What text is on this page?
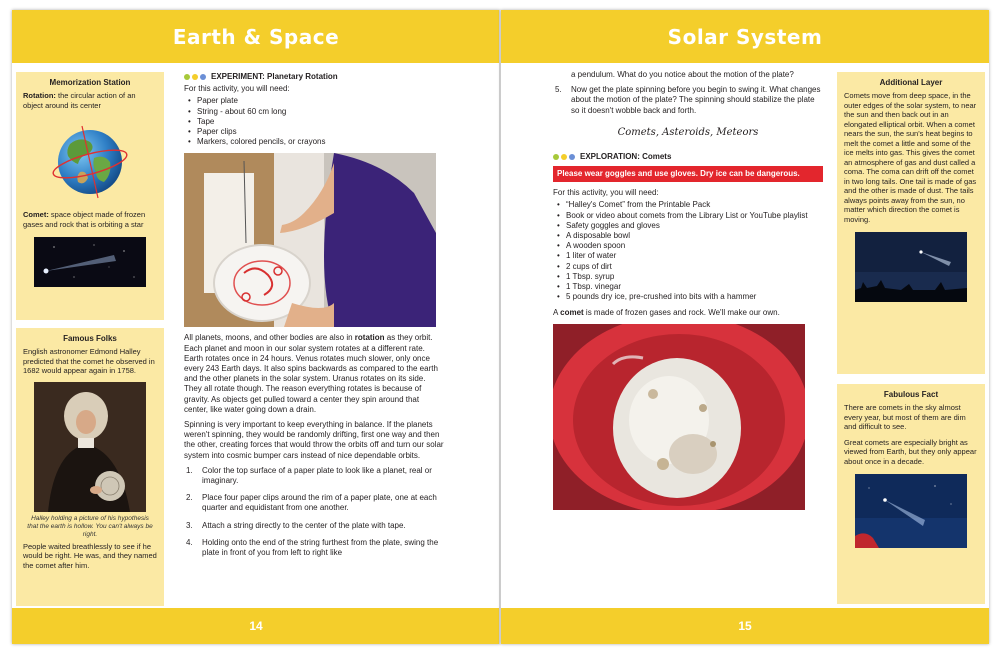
Earth & Space
Memorization Station
Rotation: the circular action of an object around its center
Comet: space object made of frozen gases and rock that is orbiting a star
Famous Folks
English astronomer Edmond Halley predicted that the comet he observed in 1682 would appear again in 1758.
Halley holding a picture of his hypothesis that the earth is hollow. You can't always be right.
People waited breathlessly to see if he would be right. He was, and they named the comet after him.
EXPERIMENT: Planetary Rotation

For this activity, you will need:

• Paper plate
• String - about 60 cm long
• Tape
• Paper clips
• Markers, colored pencils, or crayons

All planets, moons, and other bodies are also in rotation as they orbit. Each planet and moon in our solar system rotates at a different rate. Earth rotates once in 24 hours. Venus rotates much slower, only once every 243 Earth days. It also spins backwards as compared to the earth and the other planets in the solar system. Uranus rotates on its side. They all rotate though. The reason everything rotates is because of gravity. As objects get pulled toward a center they spin around that center, like water going down a drain.

Spinning is very important to keep everything in balance. If the planets weren't spinning, they would be randomly drifting, first one way and then the other, creating forces that would throw the orbits off and turn our solar system into cosmic bumper cars instead of nice dependable orbits.

1. Color the top surface of a paper plate to look like a planet, real or imaginary.
2. Place four paper clips around the rim of a paper plate, one at each quarter and equidistant from one another.
3. Attach a string directly to the center of the plate with tape.
4. Holding onto the end of the string furthest from the plate, swing the plate in front of you from left to right like
14
Solar System

a pendulum. What do you notice about the motion of the plate?

5. Now get the plate spinning before you begin to swing it. What changes about the motion of the plate? The spinning should stabilize the plate so it doesn't wobble back and forth.
Comets, Asteroids, Meteors
EXPLORATION: Comets
Please wear goggles and use gloves. Dry ice can be dangerous.

For this activity, you will need:

• “Halley's Comet” from the Printable Pack
• Book or video about comets from the Library List or YouTube playlist
• Safety goggles and gloves
• A disposable bowl
• A wooden spoon
• 1 liter of water
• 2 cups of dirt
• 1 Tbsp. syrup
• 1 Tbsp. vinegar
• 5 pounds dry ice, pre-crushed into bits with a hammer

A comet is made of frozen gases and rock. We'll make our own.

Additional Layer
Comets move from deep space, in the outer edges of the solar system, to near the sun and then back out in an elongated elliptical orbit. When a comet nears the sun, the sun's heat begins to melt the comet a little and some of the ice melts into gas. This gives the comet an atmosphere of gas and dust called a coma. The coma can drift off the comet in two long tails. One tail is made of gas and the other is made of dust. The tails always points away from the sun, no matter which direction the comet is moving.
Fabulous Fact
There are comets in the sky almost every year, but most of them are dim and difficult to see.
Great comets are especially bright as viewed from Earth, but they only appear about once in a decade.
15
